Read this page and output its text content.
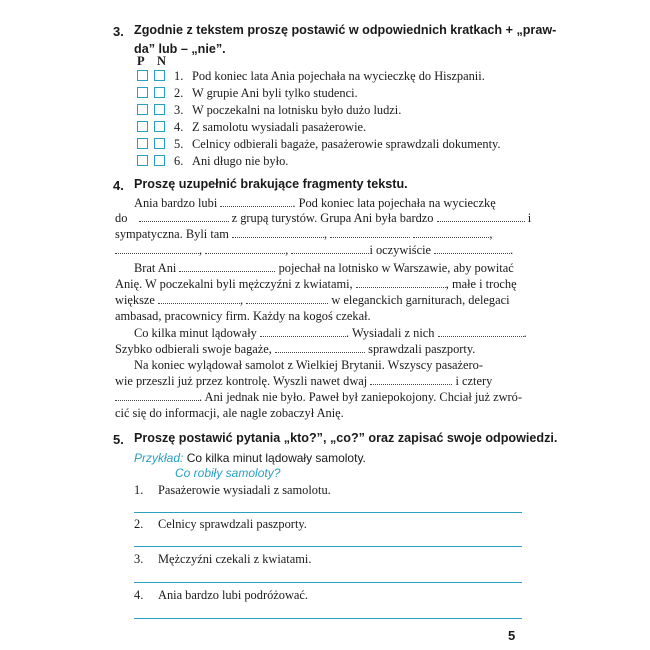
3. Zgodnie z tekstem proszę postawić w odpowiednich kratkach + „praw-
da” lub – „nie”.
P N
1. Pod koniec lata Ania pojechała na wycieczkę do Hiszpanii.
2. W grupie Ani byli tylko studenci.
3. W poczekalni na lotnisku było dużo ludzi.
4. Z samolotu wysiadali pasażerowie.
5. Celnicy odbierali bagaże, pasażerowie sprawdzali dokumenty.
6. Ani długo nie było.
4. Proszę uzupełnić brakujące fragmenty tekstu.
Ania bardzo lubi	. Pod koniec lata pojechała na wycieczkę
do	z grupą turystów. Grupa Ani była bardzo	i
sympatyczna. Byli tam	,	,
,	,	i oczywiście	.
Brat Ani	pojechał na lotnisko w Warszawie, aby powitać
Anię. W poczekalni byli mężczyźni z kwiatami,	, małe i trochę
większe	,	w eleganckich garniturach, delegaci
ambasad, pracownicy firm. Każdy na kogoś czekał.
Co kilka minut lądowały	. Wysiadali z nich	.
Szybko odbierali swoje bagaże,	sprawdzali paszporty.
Na koniec wylądował samolot z Wielkiej Brytanii. Wszyscy pasażero-
wie przeszli już przez kontrolę. Wyszli nawet dwaj	i cztery
. Ani jednak nie było. Paweł był zaniepokojony. Chciał już zwró-
cić się do informacji, ale nagle zobaczył Anię.
5. Proszę postawić pytania „kto?”, „co?” oraz zapisać swoje odpowiedzi.
Przykład: Co kilka minut lądowały samoloty.
Co robiły samoloty?
1. Pasażerowie wysiadali z samolotu.
2. Celnicy sprawdzali paszporty.
3. Mężczyźni czekali z kwiatami.
4. Ania bardzo lubi podróżować.
5
